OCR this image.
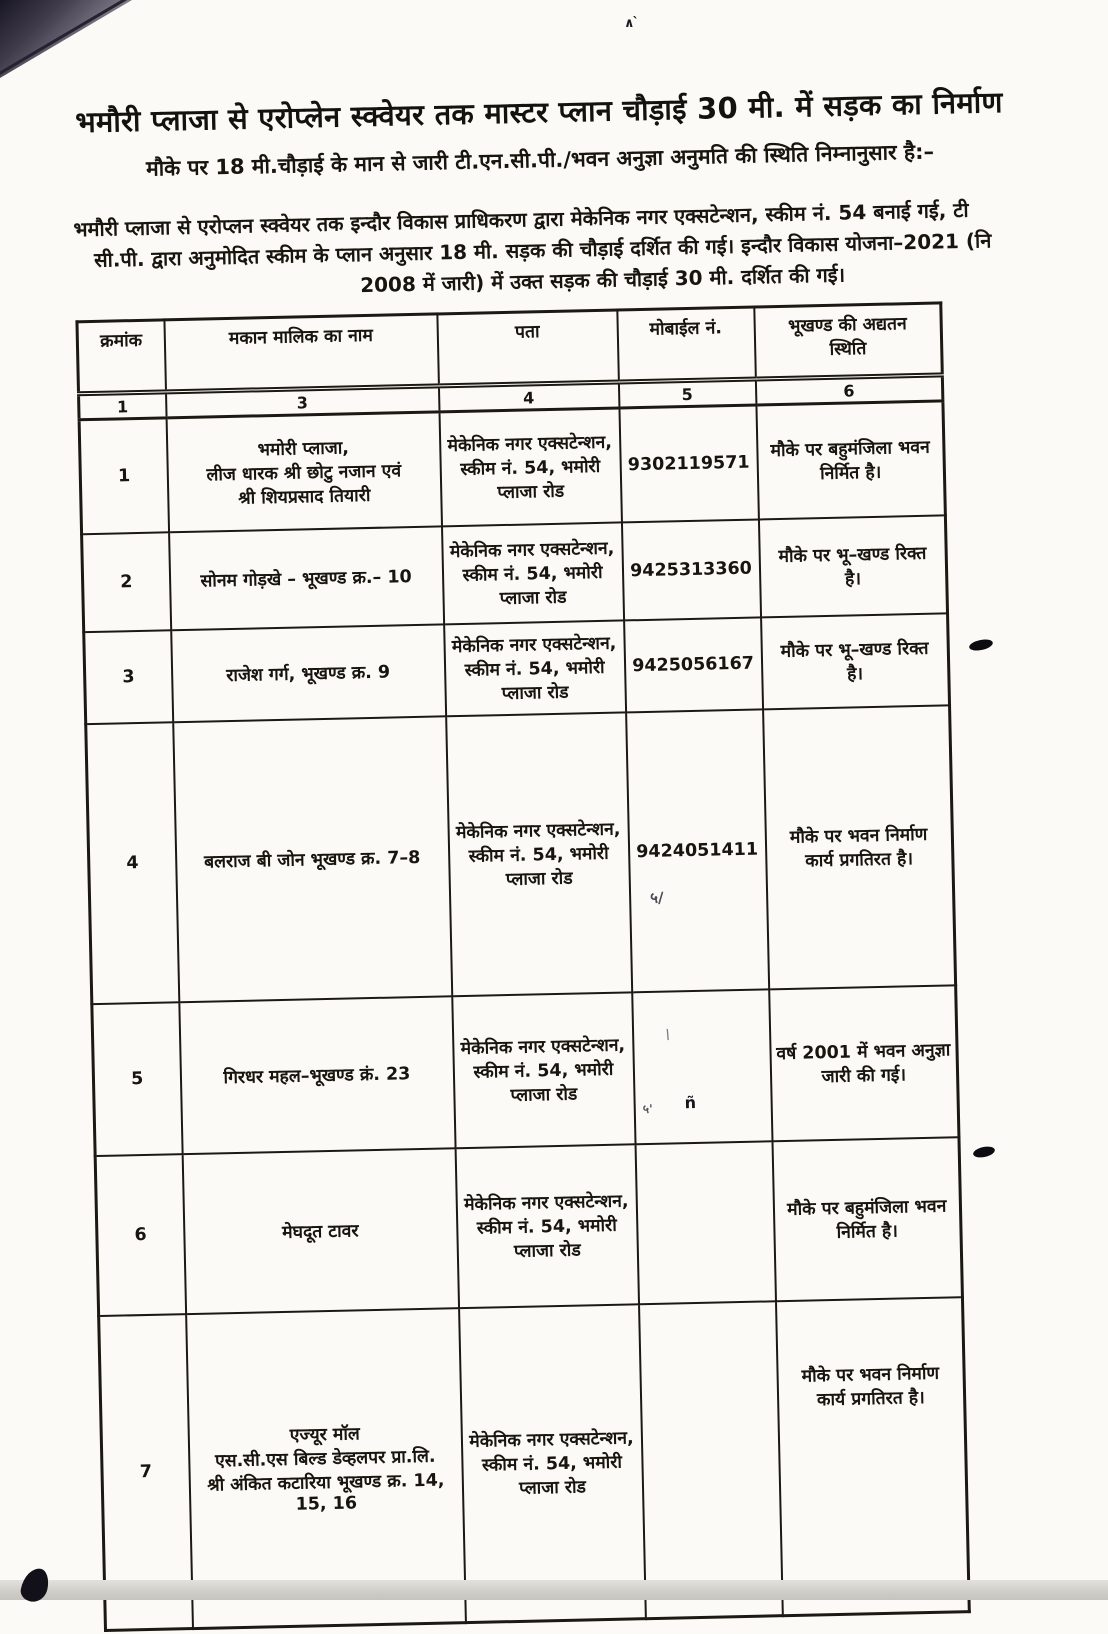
भमौरी प्लाजा से एरोप्लेन स्क्वेयर तक मास्टर प्लान चौड़ाई 30 मी. में सड़क का निर्माण
मौके पर 18 मी.चौड़ाई के मान से जारी टी.एन.सी.पी./भवन अनुज्ञा अनुमति की स्थिति निम्नानुसार है:–
भमौरी प्लाजा से एरोप्लन स्क्वेयर तक इन्दौर विकास प्राधिकरण द्वारा मेकेनिक नगर एक्सटेन्शन, स्कीम नं. 54 बनाई गई, टी
सी.पी. द्वारा अनुमोदित स्कीम के प्लान अनुसार 18 मी. सड़क की चौड़ाई दर्शित की गई। इन्दौर विकास योजना–2021 (नि
2008 में जारी) में उक्त सड़क की चौड़ाई 30 मी. दर्शित की गई।
क्रमांक	मकान मालिक का नाम	पता	मोबाईल नं.	भूखण्ड की अद्यतन
स्थिति
1	3	4	5	6
1	भमोरी प्लाजा,
लीज धारक श्री छोटु नजान एवं
श्री शियप्रसाद तियारी	मेकेनिक नगर एक्सटेन्शन,
स्कीम नं. 54, भमोरी
प्लाजा रोड	9302119571	मौके पर बहुमंजिला भवन
निर्मित है।
2	सोनम गोड़खे – भूखण्ड क्र.– 10	मेकेनिक नगर एक्सटेन्शन,
स्कीम नं. 54, भमोरी
प्लाजा रोड	9425313360	मौके पर भू–खण्ड रिक्त
है।
3	राजेश गर्ग, भूखण्ड क्र. 9	मेकेनिक नगर एक्सटेन्शन,
स्कीम नं. 54, भमोरी
प्लाजा रोड	9425056167	मौके पर भू–खण्ड रिक्त
है।
4	बलराज बी जोन भूखण्ड क्र. 7–8	मेकेनिक नगर एक्सटेन्शन,
स्कीम नं. 54, भमोरी
प्लाजा रोड	9424051411	मौके पर भवन निर्माण
कार्य प्रगतिरत है।
5	गिरधर महल–भूखण्ड क्रं. 23	मेकेनिक नगर एक्सटेन्शन,
स्कीम नं. 54, भमोरी
प्लाजा रोड		वर्ष 2001 में भवन अनुज्ञा
जारी की गई।
6	मेघदूत टावर	मेकेनिक नगर एक्सटेन्शन,
स्कीम नं. 54, भमोरी
प्लाजा रोड		मौके पर बहुमंजिला भवन
निर्मित है।
7	एज्यूर मॉल
एस.सी.एस बिल्ड डेव्हलपर प्रा.लि.
श्री अंकित कटारिया भूखण्ड क्र. 14,
15, 16	मेकेनिक नगर एक्सटेन्शन,
स्कीम नं. 54, भमोरी
प्लाजा रोड		मौके पर भवन निर्माण
कार्य प्रगतिरत है।
५/
\
५' ñ
∧`
